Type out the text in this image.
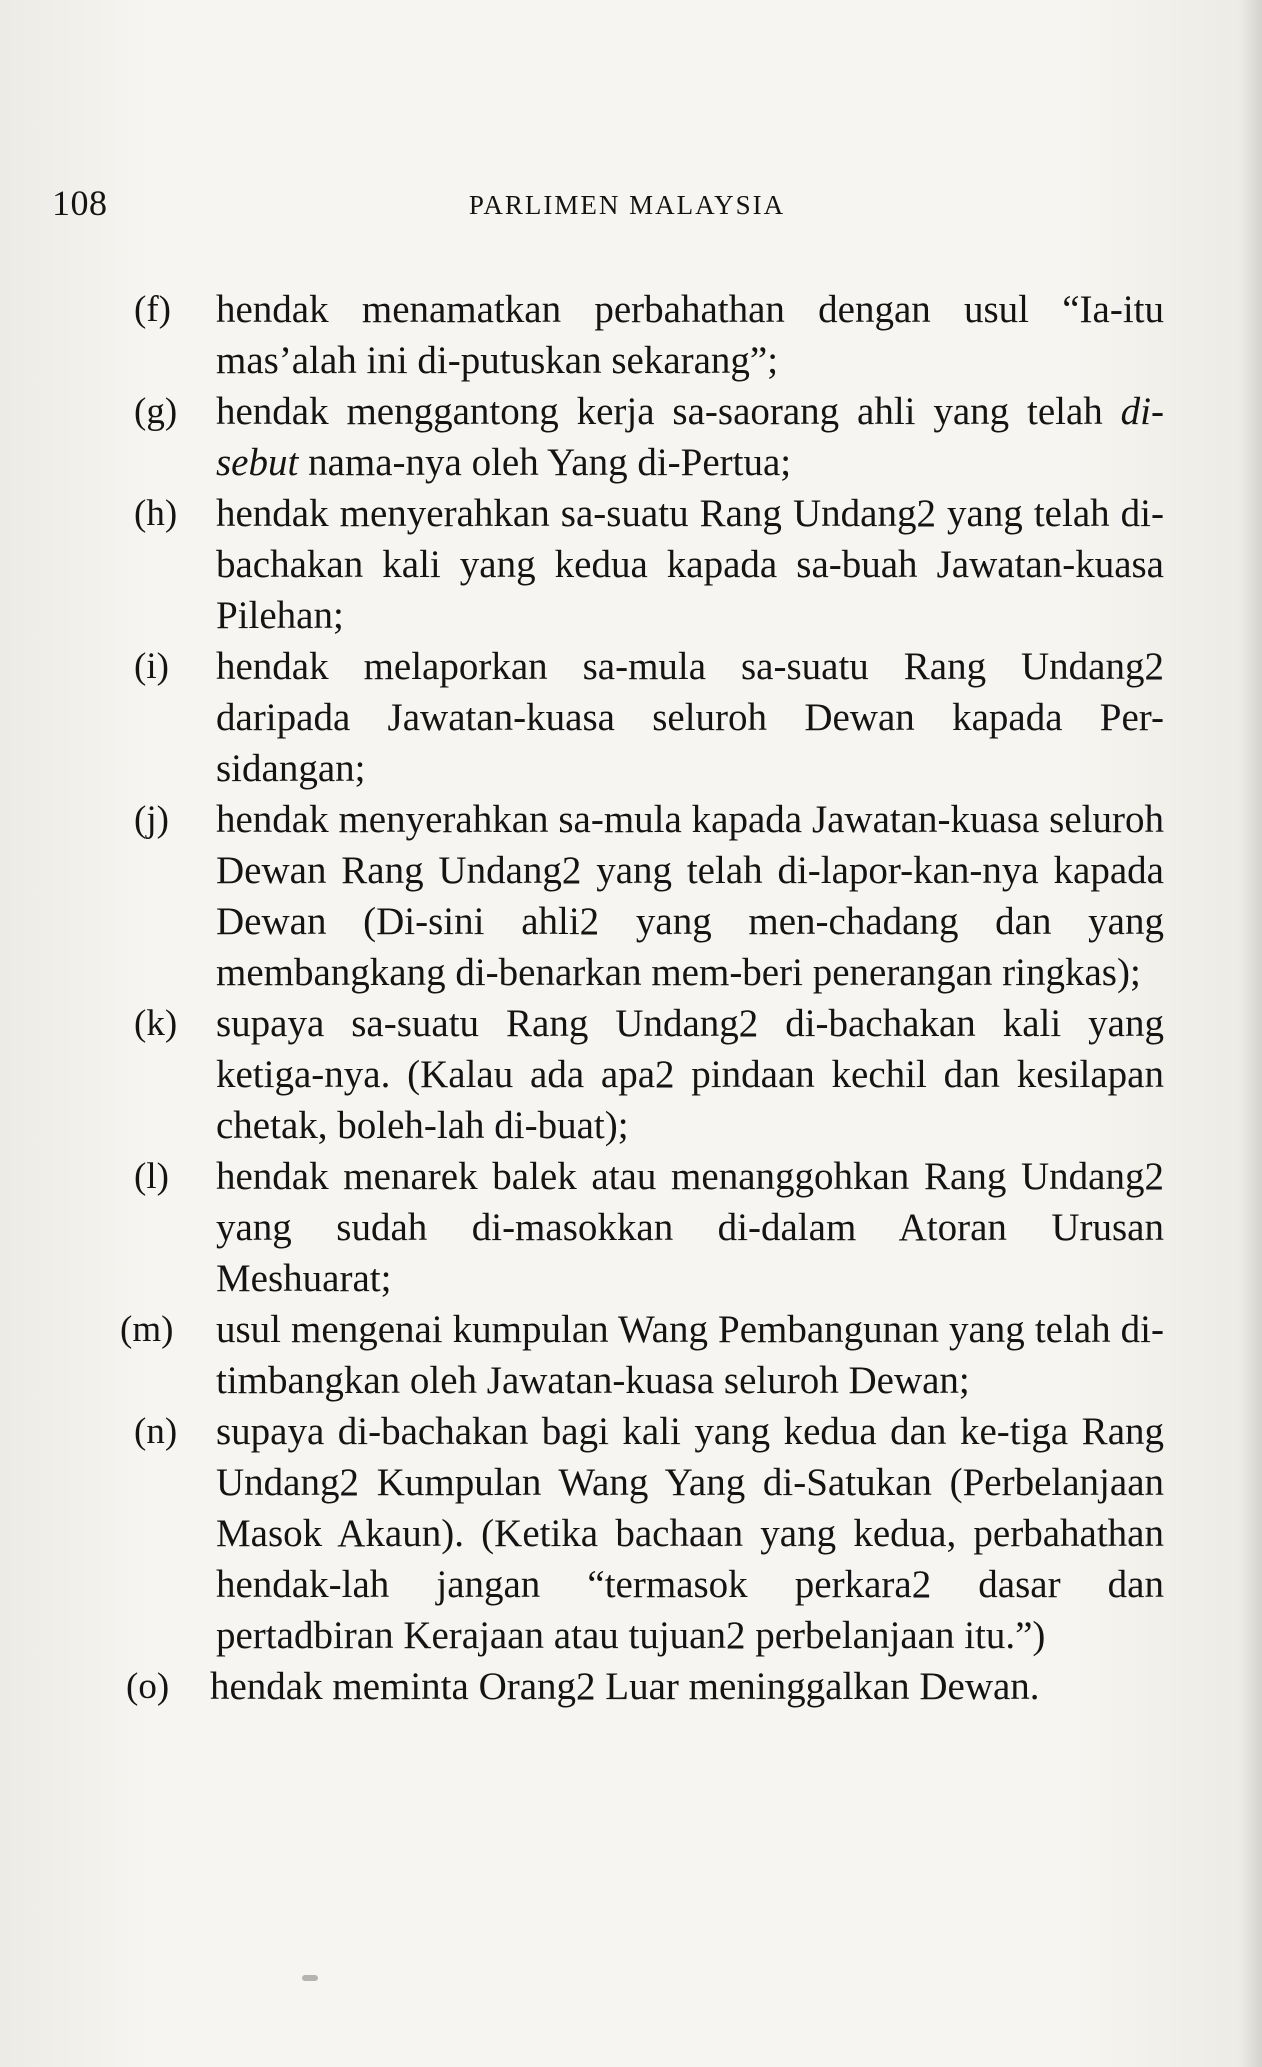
108	PARLIMEN MALAYSIA
(f) hendak menamatkan perbahathan dengan usul “Ia-itu mas’alah ini di-putuskan sekarang”;
(g) hendak menggantong kerja sa-saorang ahli yang telah di-sebut nama-nya oleh Yang di-Pertua;
(h) hendak menyerahkan sa-suatu Rang Undang2 yang telah di-bachakan kali yang kedua kapada sa-buah Jawatan-kuasa Pilehan;
(i) hendak melaporkan sa-mula sa-suatu Rang Undang2 daripada Jawatan-kuasa seluroh Dewan kapada Per-sidangan;
(j) hendak menyerahkan sa-mula kapada Jawatan-kuasa seluroh Dewan Rang Undang2 yang telah di-lapor-kan-nya kapada Dewan (Di-sini ahli2 yang men-chadang dan yang membangkang di-benarkan mem-beri penerangan ringkas);
(k) supaya sa-suatu Rang Undang2 di-bachakan kali yang ketiga-nya. (Kalau ada apa2 pindaan kechil dan kesilapan chetak, boleh-lah di-buat);
(l) hendak menarek balek atau menanggohkan Rang Undang2 yang sudah di-masokkan di-dalam Atoran Urusan Meshuarat;
(m) usul mengenai kumpulan Wang Pembangunan yang telah di-timbangkan oleh Jawatan-kuasa seluroh Dewan;
(n) supaya di-bachakan bagi kali yang kedua dan ke-tiga Rang Undang2 Kumpulan Wang Yang di-Satukan (Perbelanjaan Masok Akaun). (Ketika bachaan yang kedua, perbahathan hendak-lah jangan “termasok perkara2 dasar dan pertadbiran Kerajaan atau tujuan2 perbelanjaan itu.”)
(o) hendak meminta Orang2 Luar meninggalkan Dewan.
